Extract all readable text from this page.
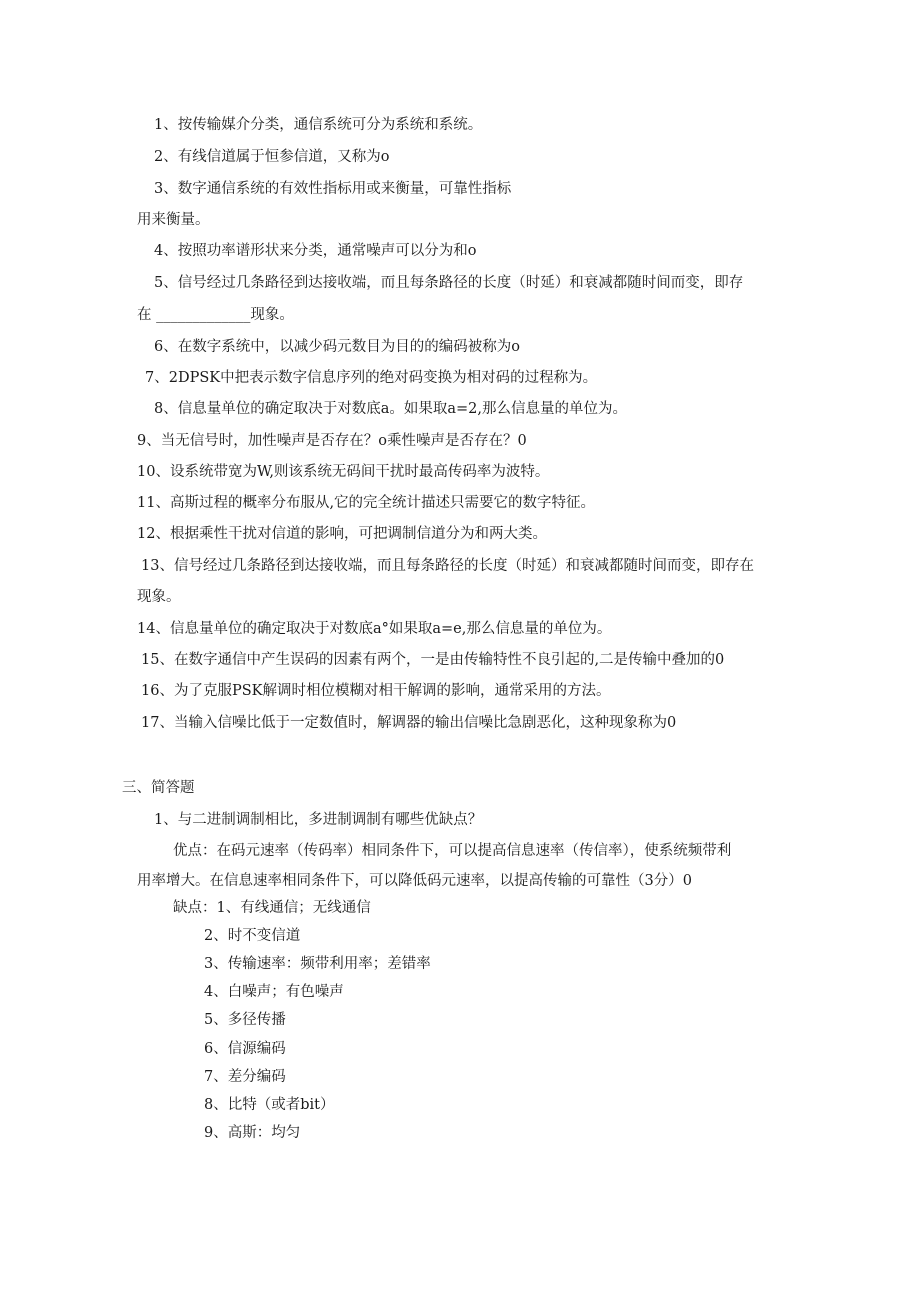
1、按传输媒介分类，通信系统可分为系统和系统。

2、有线信道属于恒参信道，又称为o

3、数字通信系统的有效性指标用或来衡量，可靠性指标

用来衡量。

4、按照功率谱形状来分类，通常噪声可以分为和o

5、信号经过几条路径到达接收端，而且每条路径的长度（时延）和衰减都随时间而变，即存

在 _____________现象。

6、在数字系统中，以减少码元数目为目的的编码被称为o

7、2DPSK中把表示数字信息序列的绝对码变换为相对码的过程称为。

8、信息量单位的确定取决于对数底a。如果取a=2,那么信息量的单位为。

9、当无信号时，加性噪声是否存在？o乘性噪声是否存在？0

10、设系统带宽为W,则该系统无码间干扰时最高传码率为波特。

11、高斯过程的概率分布服从,它的完全统计描述只需要它的数字特征。

12、根据乘性干扰对信道的影响，可把调制信道分为和两大类。

13、信号经过几条路径到达接收端，而且每条路径的长度（时延）和衰减都随时间而变，即存在

现象。

14、信息量单位的确定取决于对数底a°如果取a=e,那么信息量的单位为。

15、在数字通信中产生误码的因素有两个，一是由传输特性不良引起的,二是传输中叠加的0

16、为了克服PSK解调时相位模糊对相干解调的影响，通常采用的方法。

17、当输入信噪比低于一定数值时，解调器的输出信噪比急剧恶化，这种现象称为0

三、简答题

1、与二进制调制相比，多进制调制有哪些优缺点？

优点：在码元速率（传码率）相同条件下，可以提高信息速率（传信率），使系统频带利

用率增大。在信息速率相同条件下，可以降低码元速率，以提高传输的可靠性（3分）0

缺点：1、有线通信；无线通信

2、时不变信道

3、传输速率：频带利用率；差错率

4、白噪声；有色噪声

5、多径传播

6、信源编码

7、差分编码

8、比特（或者bit）

9、高斯：均匀
